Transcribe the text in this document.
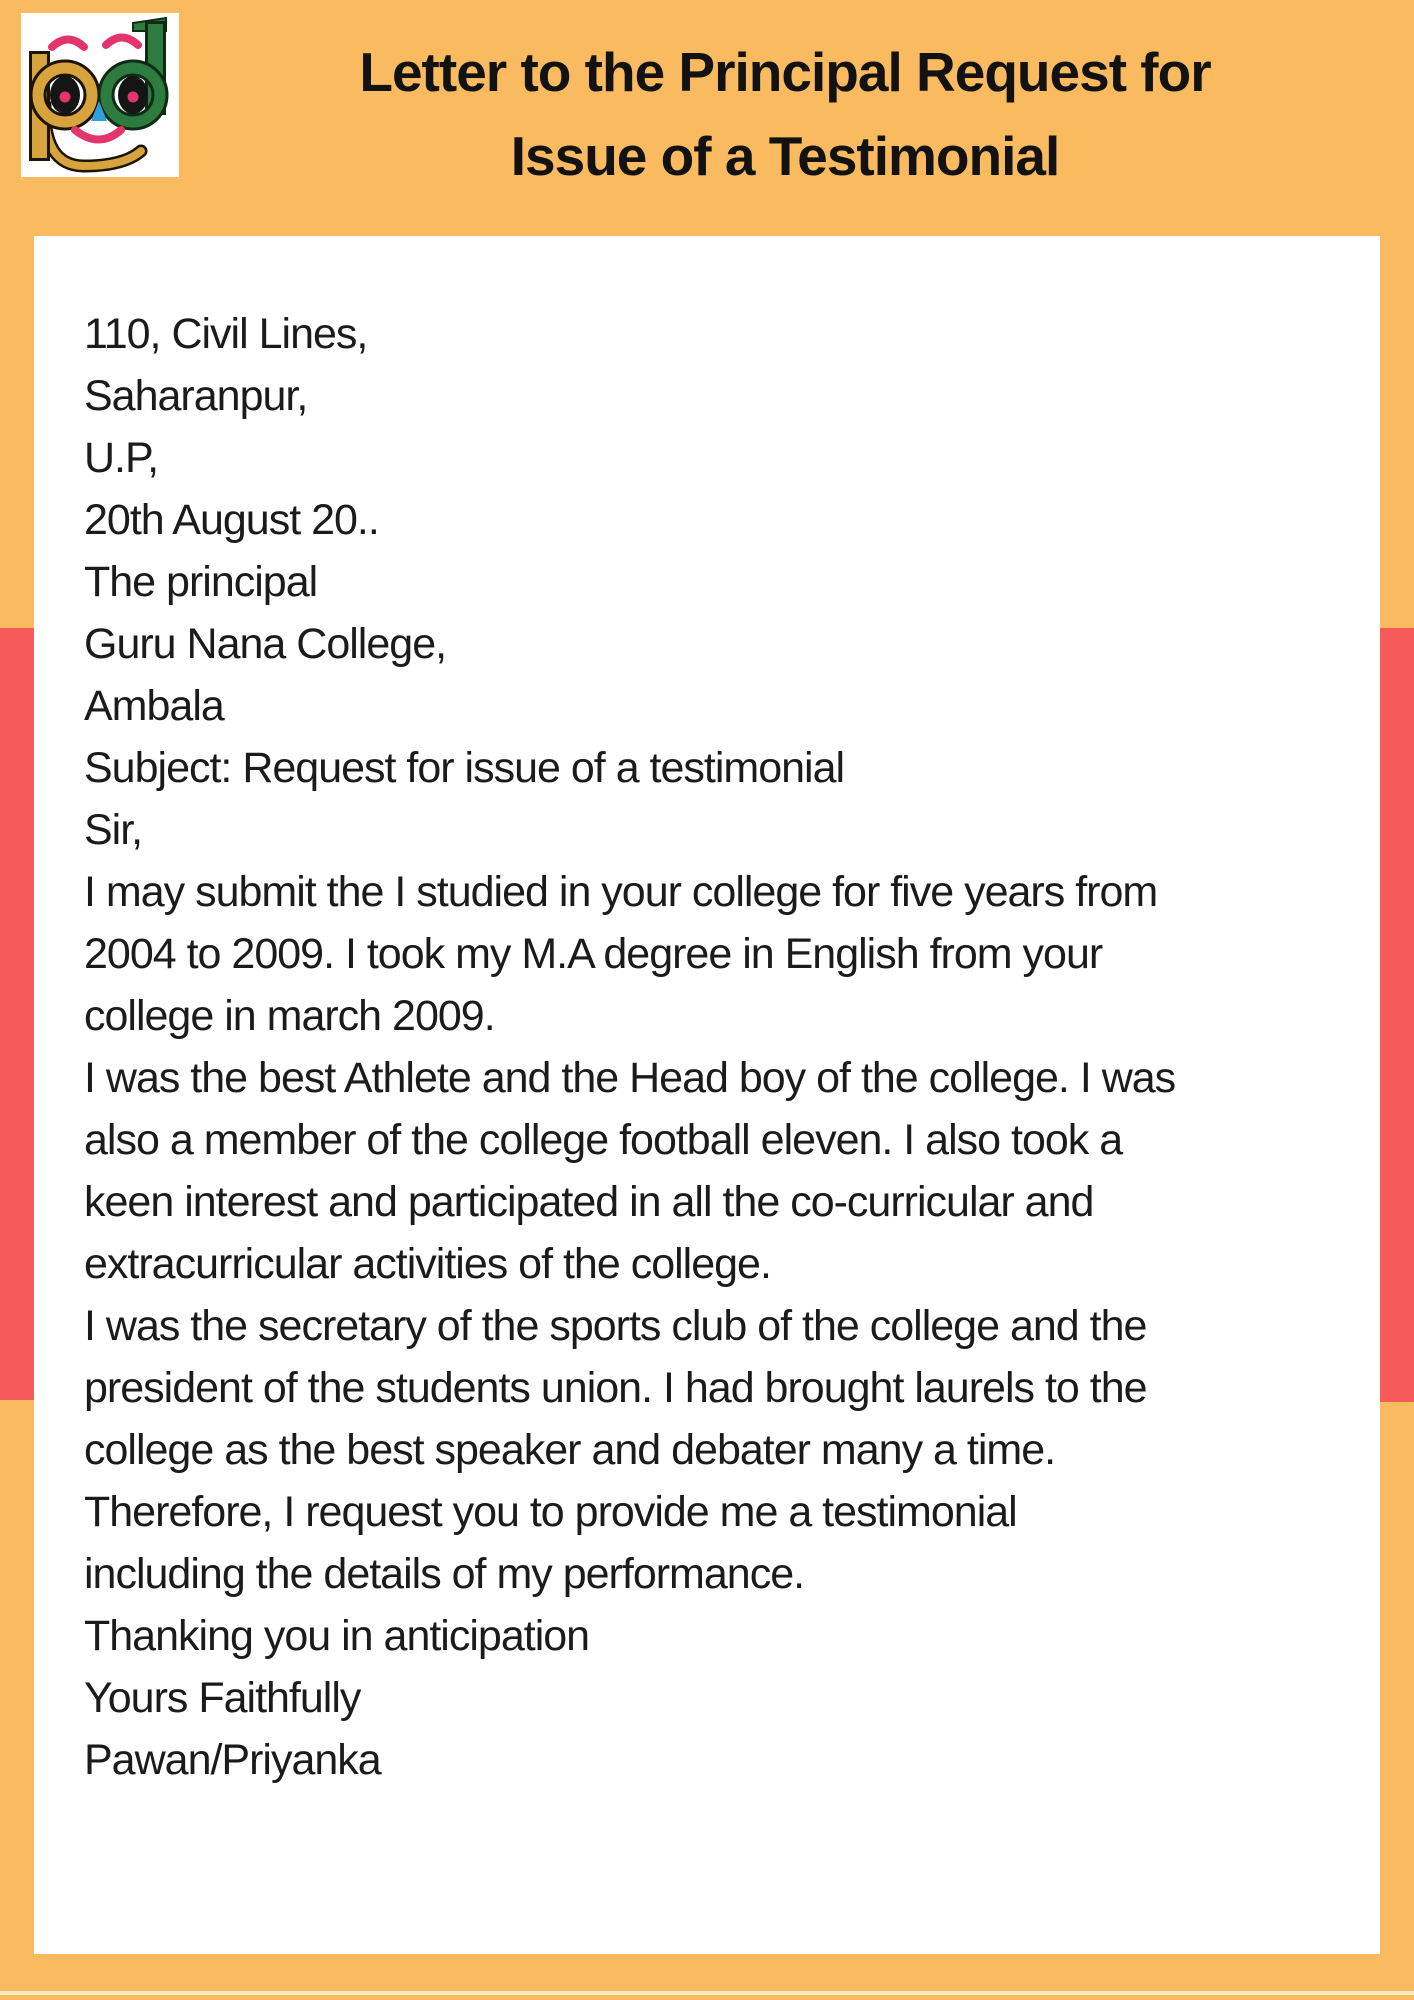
Letter to the Principal Request for
Issue of a Testimonial
110, Civil Lines,
Saharanpur,
U.P,
20th August 20..
The principal
Guru Nana College,
Ambala
Subject: Request for issue of a testimonial
Sir,
I may submit the I studied in your college for five years from
2004 to 2009. I took my M.A degree in English from your
college in march 2009.
I was the best Athlete and the Head boy of the college. I was
also a member of the college football eleven. I also took a
keen interest and participated in all the co-curricular and
extracurricular activities of the college.
I was the secretary of the sports club of the college and the
president of the students union. I had brought laurels to the
college as the best speaker and debater many a time.
Therefore, I request you to provide me a testimonial
including the details of my performance.
Thanking you in anticipation
Yours Faithfully
Pawan/Priyanka
